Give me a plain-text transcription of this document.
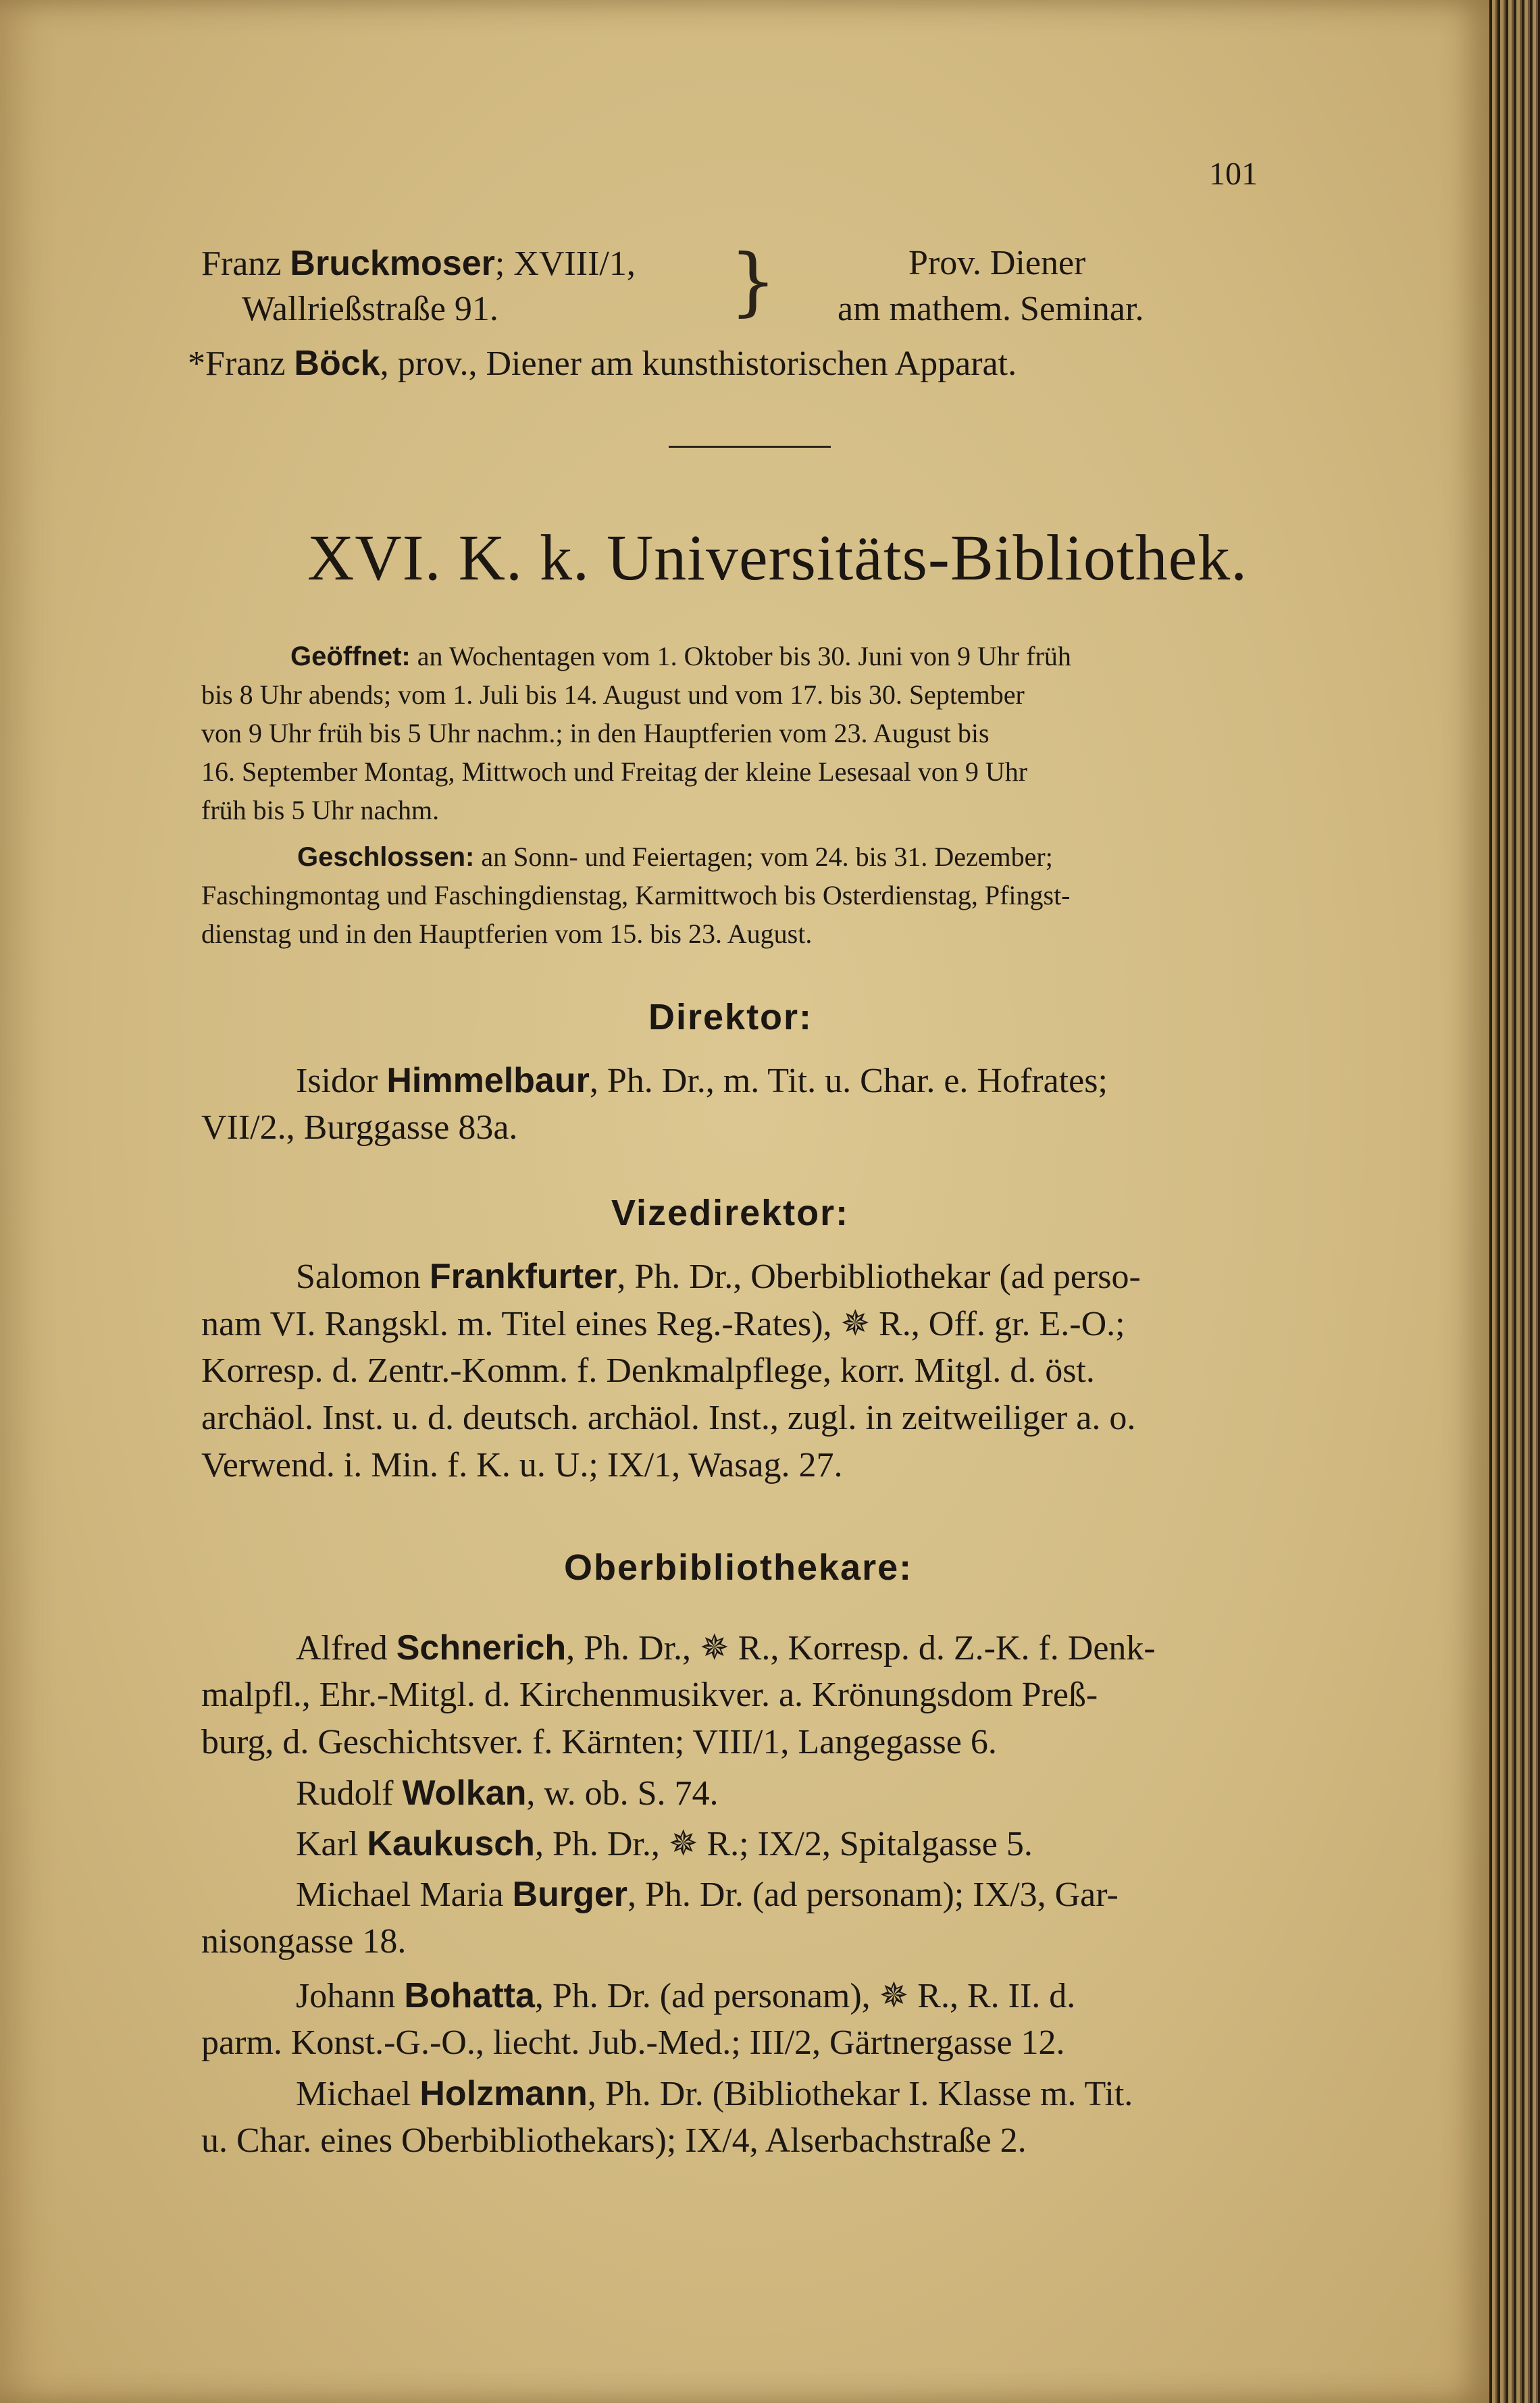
101
Franz Bruckmoser; XVIII/1,
Wallrießstraße 91.	}	Prov. Diener
am mathem. Seminar.
*Franz Böck, prov., Diener am kunsthistorischen Apparat.
XVI. K. k. Universitäts-Bibliothek.
Geöffnet: an Wochentagen vom 1. Oktober bis 30. Juni von 9 Uhr früh
bis 8 Uhr abends; vom 1. Juli bis 14. August und vom 17. bis 30. September
von 9 Uhr früh bis 5 Uhr nachm.; in den Hauptferien vom 23. August bis
16. September Montag, Mittwoch und Freitag der kleine Lesesaal von 9 Uhr
früh bis 5 Uhr nachm.
Geschlossen: an Sonn- und Feiertagen; vom 24. bis 31. Dezember;
Faschingmontag und Faschingdienstag, Karmittwoch bis Osterdienstag, Pfingst-
dienstag und in den Hauptferien vom 15. bis 23. August.
Direktor:
Isidor Himmelbaur, Ph. Dr., m. Tit. u. Char. e. Hofrates;
VII/2., Burggasse 83a.
Vizedirektor:
Salomon Frankfurter, Ph. Dr., Oberbibliothekar (ad perso-
nam VI. Rangskl. m. Titel eines Reg.-Rates), ✵ R., Off. gr. E.-O.;
Korresp. d. Zentr.-Komm. f. Denkmalpflege, korr. Mitgl. d. öst.
archäol. Inst. u. d. deutsch. archäol. Inst., zugl. in zeitweiliger a. o.
Verwend. i. Min. f. K. u. U.; IX/1, Wasag. 27.
Oberbibliothekare:
Alfred Schnerich, Ph. Dr., ✵ R., Korresp. d. Z.-K. f. Denk-
malpfl., Ehr.-Mitgl. d. Kirchenmusikver. a. Krönungsdom Preß-
burg, d. Geschichtsver. f. Kärnten; VIII/1, Langegasse 6.
Rudolf Wolkan, w. ob. S. 74.
Karl Kaukusch, Ph. Dr., ✵ R.; IX/2, Spitalgasse 5.
Michael Maria Burger, Ph. Dr. (ad personam); IX/3, Gar-
nisongasse 18.
Johann Bohatta, Ph. Dr. (ad personam), ✵ R., R. II. d.
parm. Konst.-G.-O., liecht. Jub.-Med.; III/2, Gärtnergasse 12.
Michael Holzmann, Ph. Dr. (Bibliothekar I. Klasse m. Tit.
u. Char. eines Oberbibliothekars); IX/4, Alserbachstraße 2.
